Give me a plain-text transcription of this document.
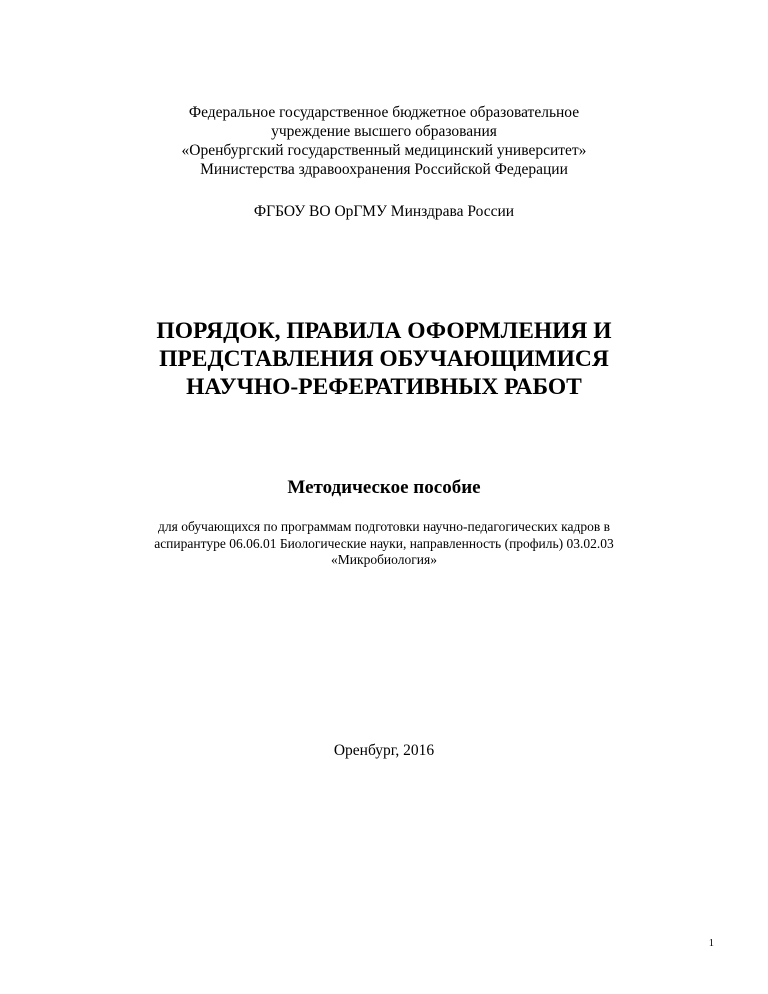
Федеральное государственное бюджетное образовательное
учреждение высшего образования
«Оренбургский государственный медицинский университет»
Министерства здравоохранения Российской Федерации
ФГБОУ ВО ОрГМУ Минздрава России
ПОРЯДОК, ПРАВИЛА ОФОРМЛЕНИЯ И
ПРЕДСТАВЛЕНИЯ ОБУЧАЮЩИМИСЯ
НАУЧНО-РЕФЕРАТИВНЫХ РАБОТ
Методическое пособие
для обучающихся по программам подготовки научно-педагогических кадров в
аспирантуре 06.06.01 Биологические науки, направленность (профиль) 03.02.03
«Микробиология»
Оренбург, 2016
1
